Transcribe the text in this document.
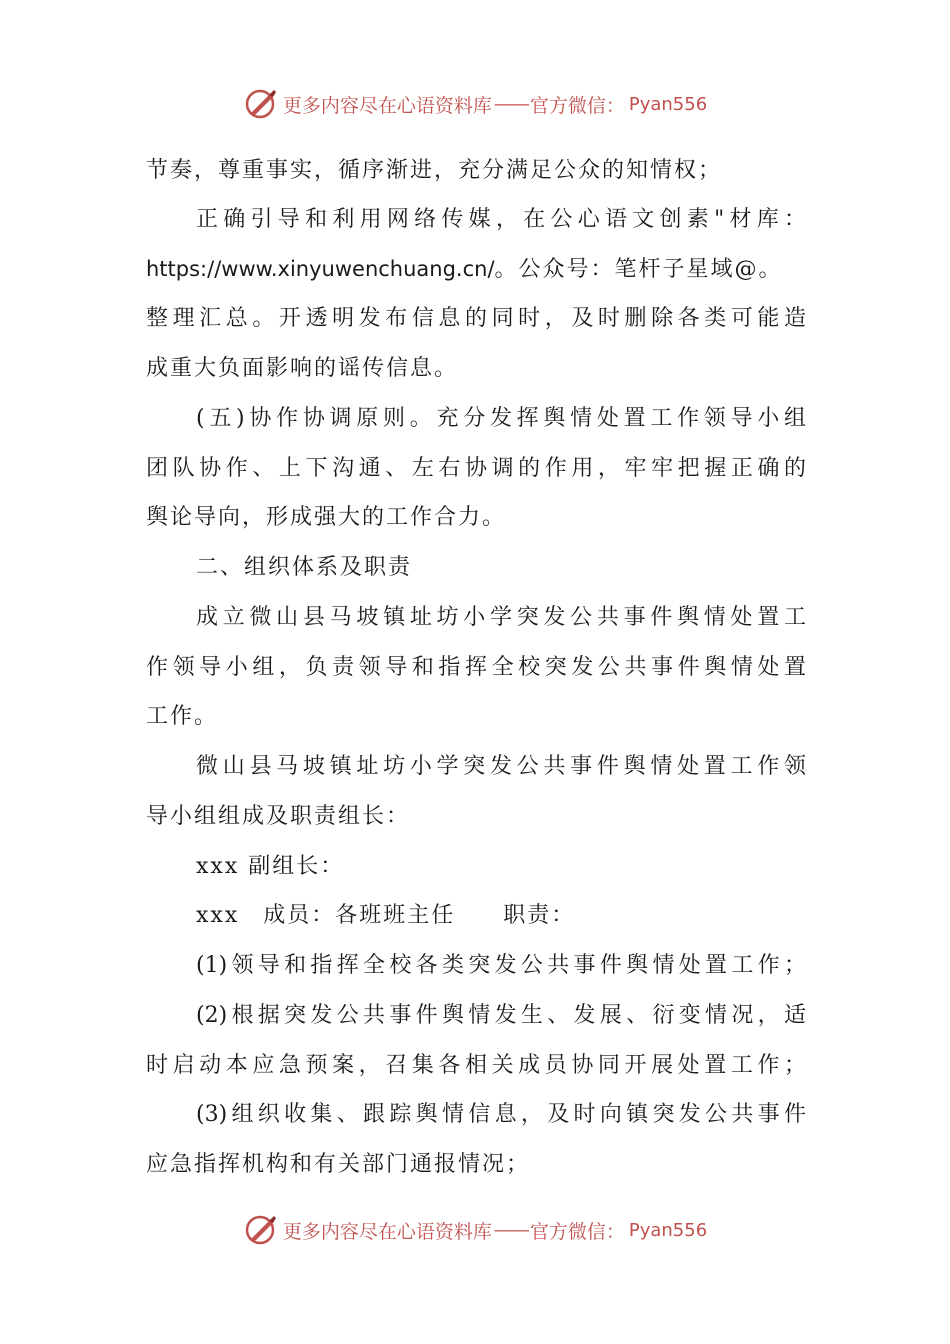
更多内容尽在心语资料库 —— 官方微信： Pyan556
节奏，尊重事实，循序渐进，充分满足公众的知情权；
正确引导和利用网络传媒，在公心语文创素"材库：
https://www.xinyuwenchuang.cn/。公众号：笔杆子星域@。
整理汇总。开透明发布信息的同时，及时删除各类可能造
成重大负面影响的谣传信息。
(五)协作协调原则。充分发挥舆情处置工作领导小组
团队协作、上下沟通、左右协调的作用，牢牢把握正确的
舆论导向，形成强大的工作合力。
二、组织体系及职责
成立微山县马坡镇址坊小学突发公共事件舆情处置工
作领导小组，负责领导和指挥全校突发公共事件舆情处置
工作。
微山县马坡镇址坊小学突发公共事件舆情处置工作领
导小组组成及职责组长：
xxx 副组长：
xxx　成员：各班班主任　　职责：
(1)领导和指挥全校各类突发公共事件舆情处置工作；
(2)根据突发公共事件舆情发生、发展、衍变情况，适
时启动本应急预案，召集各相关成员协同开展处置工作；
(3)组织收集、跟踪舆情信息，及时向镇突发公共事件
应急指挥机构和有关部门通报情况；
更多内容尽在心语资料库 —— 官方微信： Pyan556
